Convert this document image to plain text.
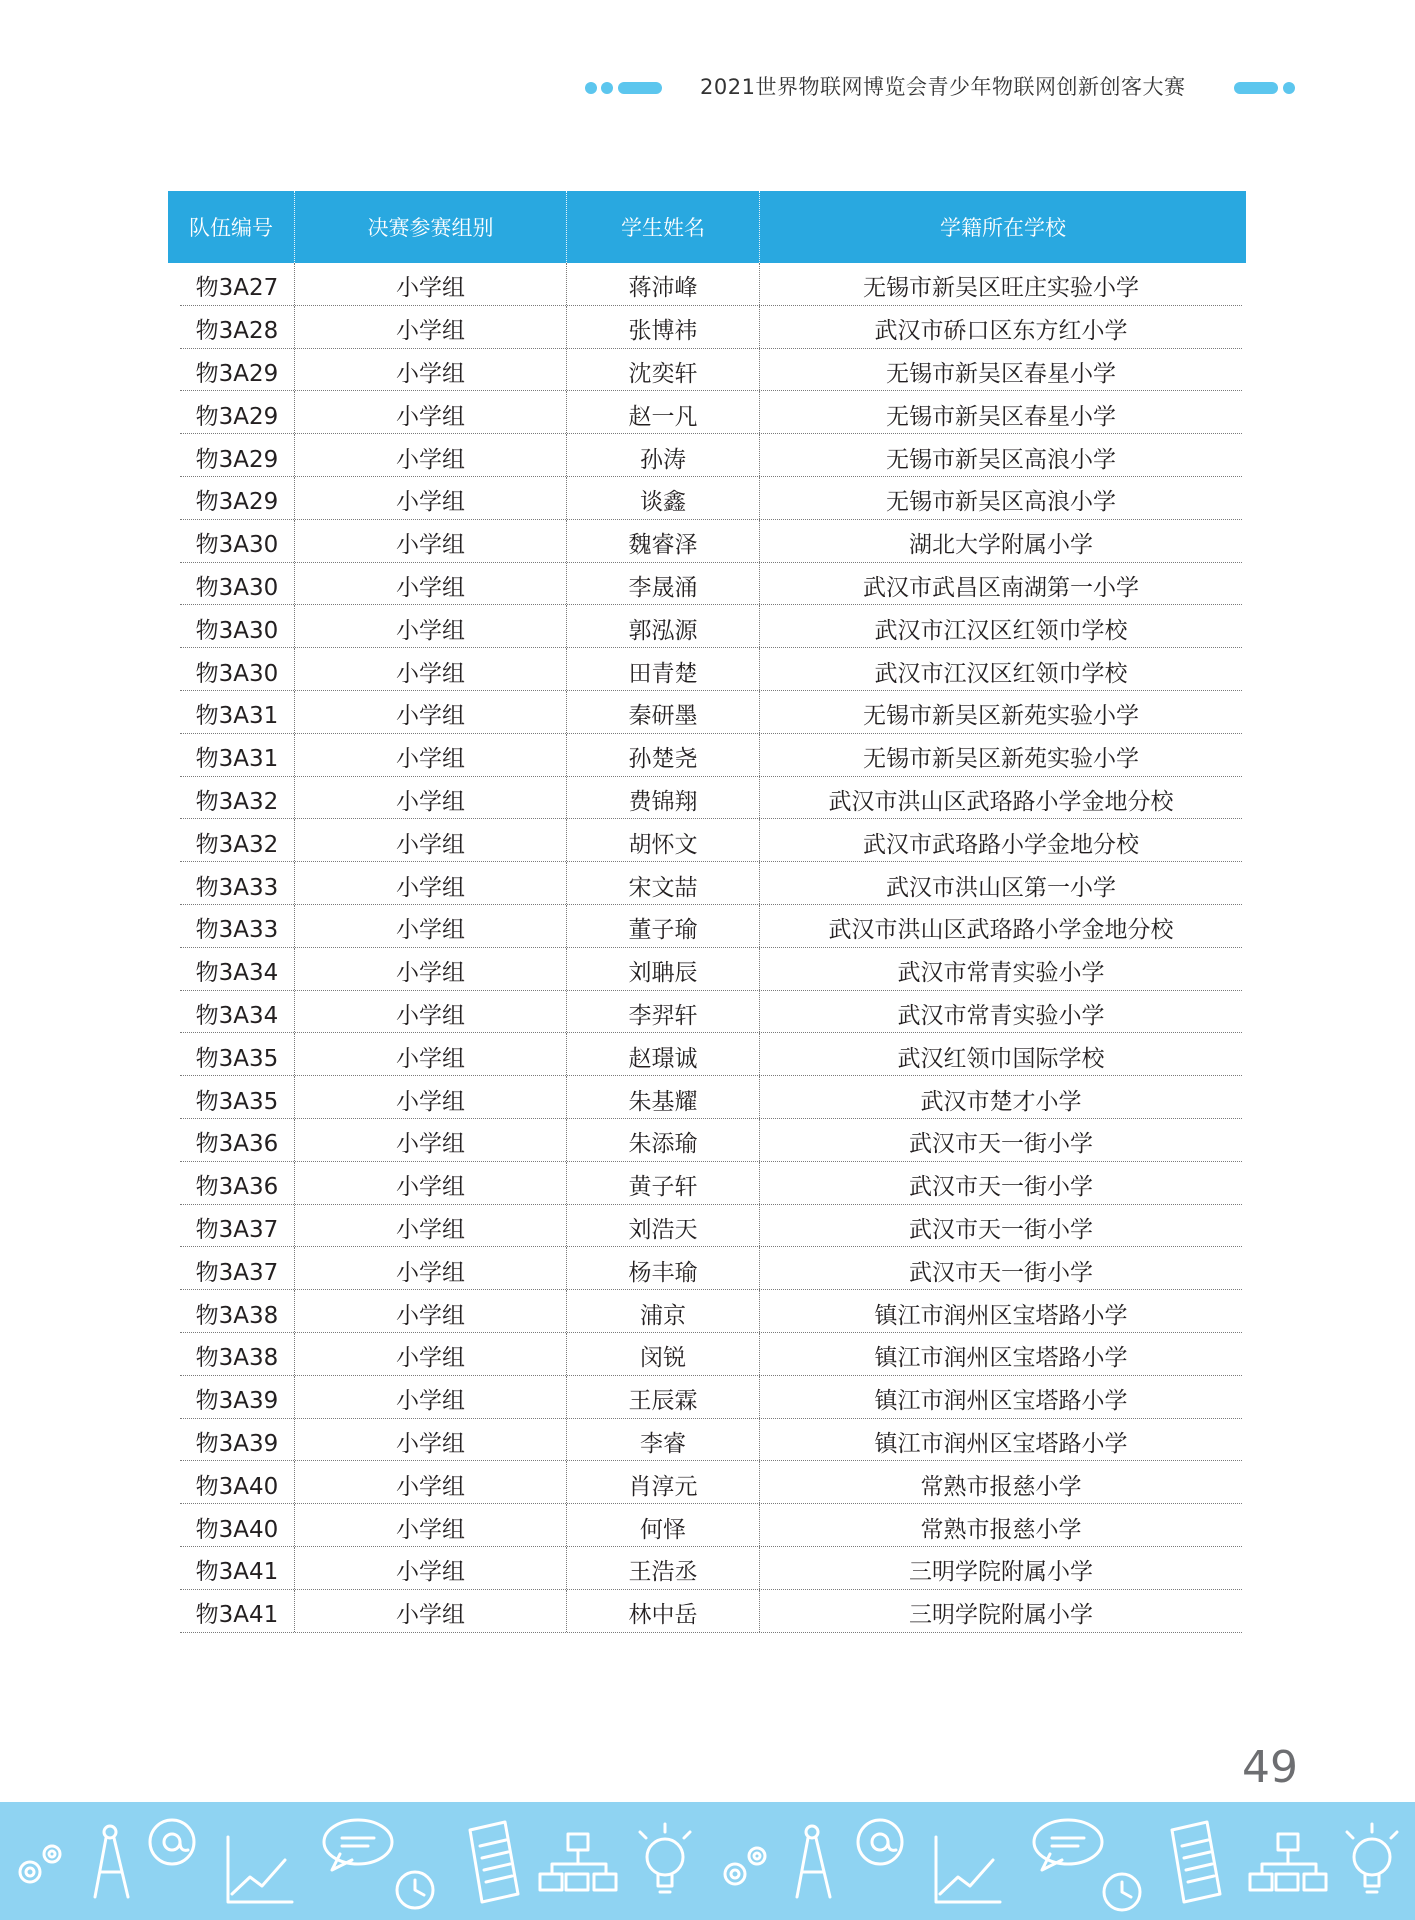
2021世界物联网博览会青少年物联网创新创客大赛
队伍编号	决赛参赛组别	学生姓名	学籍所在学校
物3A27	小学组	蒋沛峰	无锡市新吴区旺庄实验小学
物3A28	小学组	张博祎	武汉市硚口区东方红小学
物3A29	小学组	沈奕轩	无锡市新吴区春星小学
物3A29	小学组	赵一凡	无锡市新吴区春星小学
物3A29	小学组	孙涛	无锡市新吴区高浪小学
物3A29	小学组	谈鑫	无锡市新吴区高浪小学
物3A30	小学组	魏睿泽	湖北大学附属小学
物3A30	小学组	李晟涌	武汉市武昌区南湖第一小学
物3A30	小学组	郭泓源	武汉市江汉区红领巾学校
物3A30	小学组	田青楚	武汉市江汉区红领巾学校
物3A31	小学组	秦研墨	无锡市新吴区新苑实验小学
物3A31	小学组	孙楚尧	无锡市新吴区新苑实验小学
物3A32	小学组	费锦翔	武汉市洪山区武珞路小学金地分校
物3A32	小学组	胡怀文	武汉市武珞路小学金地分校
物3A33	小学组	宋文喆	武汉市洪山区第一小学
物3A33	小学组	董子瑜	武汉市洪山区武珞路小学金地分校
物3A34	小学组	刘聃辰	武汉市常青实验小学
物3A34	小学组	李羿轩	武汉市常青实验小学
物3A35	小学组	赵璟诚	武汉红领巾国际学校
物3A35	小学组	朱基耀	武汉市楚才小学
物3A36	小学组	朱添瑜	武汉市天一街小学
物3A36	小学组	黄子轩	武汉市天一街小学
物3A37	小学组	刘浩天	武汉市天一街小学
物3A37	小学组	杨丰瑜	武汉市天一街小学
物3A38	小学组	浦京	镇江市润州区宝塔路小学
物3A38	小学组	闵锐	镇江市润州区宝塔路小学
物3A39	小学组	王辰霖	镇江市润州区宝塔路小学
物3A39	小学组	李睿	镇江市润州区宝塔路小学
物3A40	小学组	肖淳元	常熟市报慈小学
物3A40	小学组	何怿	常熟市报慈小学
物3A41	小学组	王浩丞	三明学院附属小学
物3A41	小学组	林中岳	三明学院附属小学
49
